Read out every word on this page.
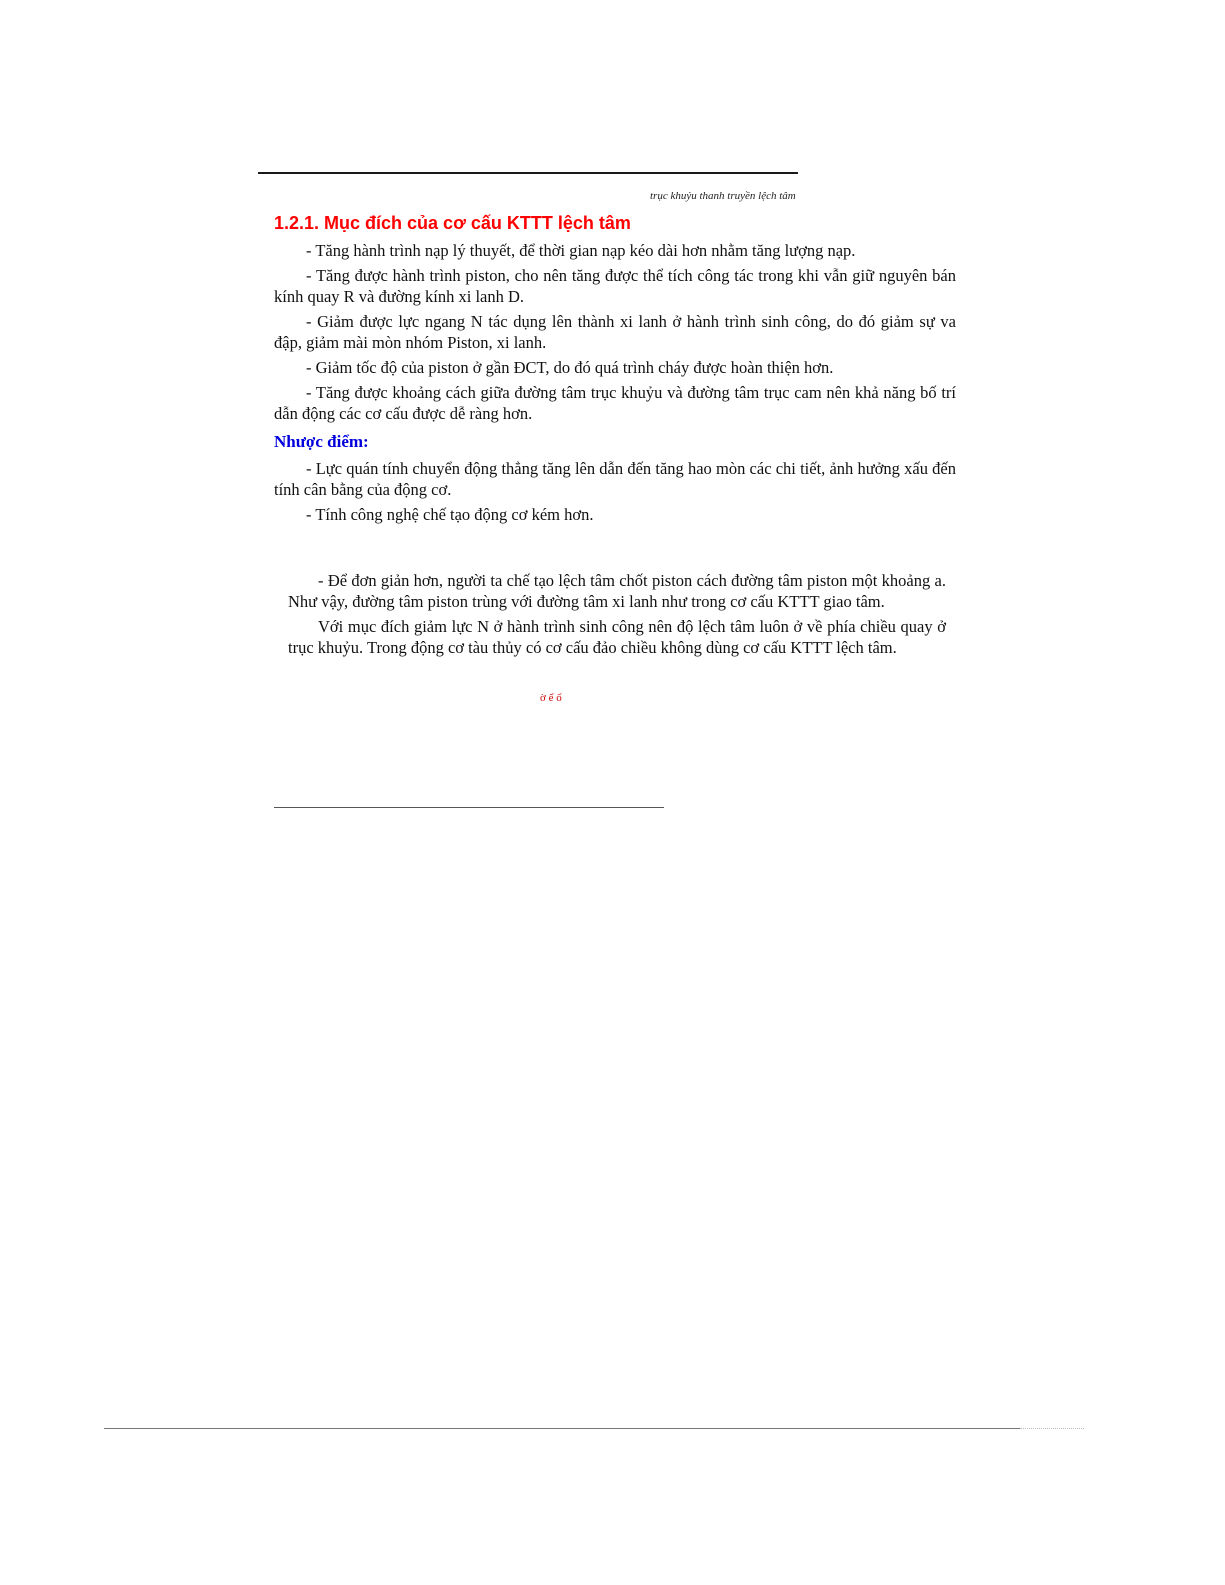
trục khuỷu thanh truyền lệch tâm
1.2.1. Mục đích của cơ cấu KTTT lệch tâm

- Tăng hành trình nạp lý thuyết, để thời gian nạp kéo dài hơn nhằm tăng lượng nạp.

- Tăng được hành trình piston, cho nên tăng được thể tích công tác trong khi vẫn giữ nguyên bán kính quay R và đường kính xi lanh D.

- Giảm được lực ngang N tác dụng lên thành xi lanh ở hành trình sinh công, do đó giảm sự va đập, giảm mài mòn nhóm Piston, xi lanh.

- Giảm tốc độ của piston ở gần ĐCT, do đó quá trình cháy được hoàn thiện hơn.

- Tăng được khoảng cách giữa đường tâm trục khuỷu và đường tâm trục cam nên khả năng bố trí dẫn động các cơ cấu được dễ ràng hơn.

Nhược điểm:

- Lực quán tính chuyển động thẳng tăng lên dẫn đến tăng hao mòn các chi tiết, ảnh hưởng xấu đến tính cân bằng của động cơ.

- Tính công nghệ chế tạo động cơ kém hơn.

- Để đơn giản hơn, người ta chế tạo lệch tâm chốt piston cách đường tâm piston một khoảng a. Như vậy, đường tâm piston trùng với đường tâm xi lanh như trong cơ cấu KTTT giao tâm.

Với mục đích giảm lực N ở hành trình sinh công nên độ lệch tâm luôn ở về phía chiều quay ở trục khuỷu. Trong động cơ tàu thủy có cơ cấu đảo chiều không dùng cơ cấu KTTT lệch tâm.

ờ ể ố
